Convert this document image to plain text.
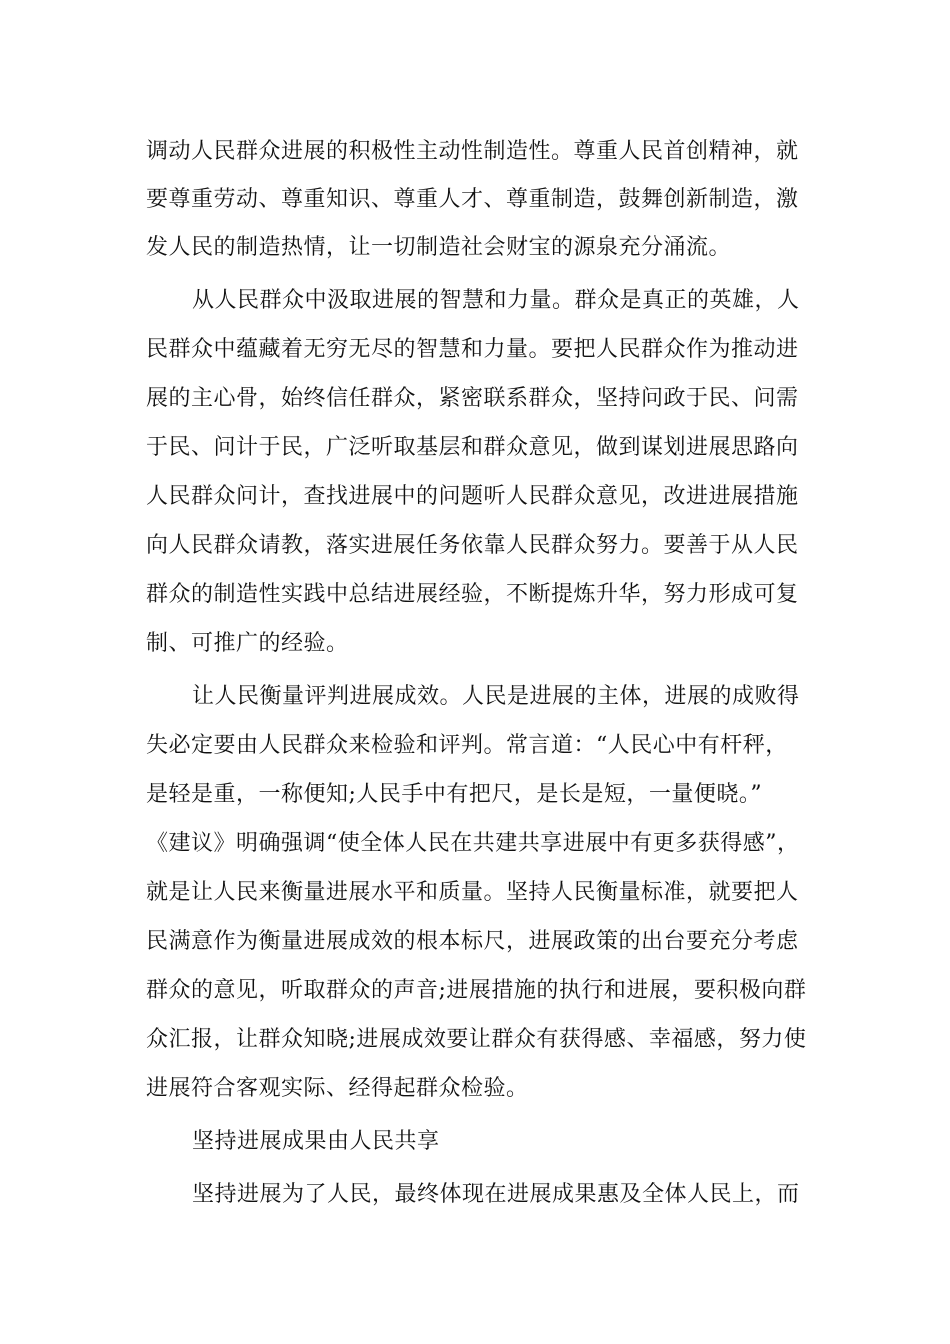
调动人民群众进展的积极性主动性制造性。尊重人民首创精神，就
要尊重劳动、尊重知识、尊重人才、尊重制造，鼓舞创新制造，激
发人民的制造热情，让一切制造社会财宝的源泉充分涌流。
从人民群众中汲取进展的智慧和力量。群众是真正的英雄，人
民群众中蕴藏着无穷无尽的智慧和力量。要把人民群众作为推动进
展的主心骨，始终信任群众，紧密联系群众，坚持问政于民、问需
于民、问计于民，广泛听取基层和群众意见，做到谋划进展思路向
人民群众问计，查找进展中的问题听人民群众意见，改进进展措施
向人民群众请教，落实进展任务依靠人民群众努力。要善于从人民
群众的制造性实践中总结进展经验，不断提炼升华，努力形成可复
制、可推广的经验。
让人民衡量评判进展成效。人民是进展的主体，进展的成败得
失必定要由人民群众来检验和评判。常言道：“人民心中有杆秤，
是轻是重，一称便知;人民手中有把尺，是长是短，一量便晓。”
《建议》明确强调“使全体人民在共建共享进展中有更多获得感”，
就是让人民来衡量进展水平和质量。坚持人民衡量标准，就要把人
民满意作为衡量进展成效的根本标尺，进展政策的出台要充分考虑
群众的意见，听取群众的声音;进展措施的执行和进展，要积极向群
众汇报，让群众知晓;进展成效要让群众有获得感、幸福感，努力使
进展符合客观实际、经得起群众检验。
坚持进展成果由人民共享
坚持进展为了人民，最终体现在进展成果惠及全体人民上，而
